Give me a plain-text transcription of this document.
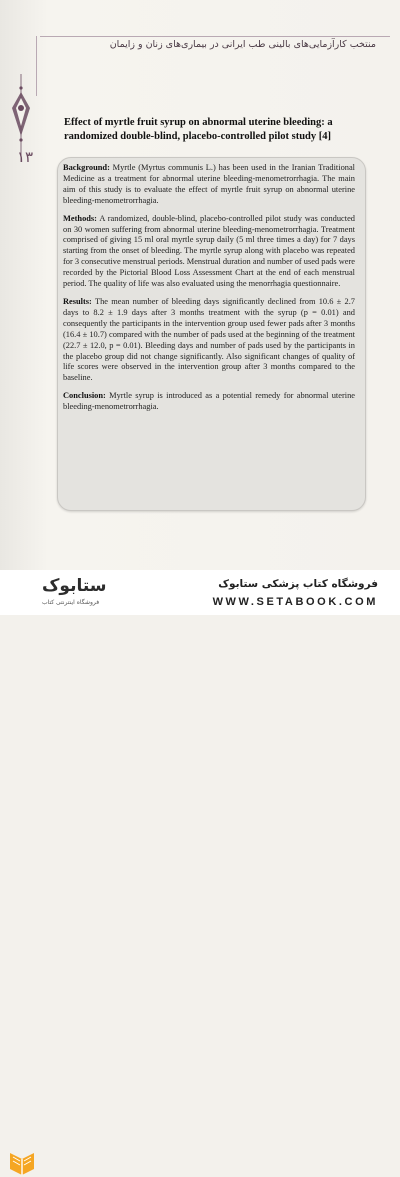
منتخب کارآزمایی‌های بالینی طب ایرانی در بیماری‌های زنان و زایمان
۱۳
Effect of myrtle fruit syrup on abnormal uterine bleeding: a randomized double-blind, placebo-controlled pilot study [4]

Background: Myrtle (Myrtus communis L.) has been used in the Iranian Traditional Medicine as a treatment for abnormal uterine bleeding-menometrorrhagia. The main aim of this study is to evaluate the effect of myrtle fruit syrup on abnormal uterine bleeding-menometrorrhagia.

Methods: A randomized, double-blind, placebo-controlled pilot study was conducted on 30 women suffering from abnormal uterine bleeding-menometrorrhagia. Treatment comprised of giving 15 ml oral myrtle syrup daily (5 ml three times a day) for 7 days starting from the onset of bleeding. The myrtle syrup along with placebo was repeated for 3 consecutive menstrual periods. Menstrual duration and number of used pads were recorded by the Pictorial Blood Loss Assessment Chart at the end of each menstrual period. The quality of life was also evaluated using the menorrhagia questionnaire.

Results: The mean number of bleeding days significantly declined from 10.6 ± 2.7 days to 8.2 ± 1.9 days after 3 months treatment with the syrup (p = 0.01) and consequently the participants in the intervention group used fewer pads after 3 months (16.4 ± 10.7) compared with the number of pads used at the beginning of the treatment (22.7 ± 12.0, p = 0.01). Bleeding days and number of pads used by the participants in the placebo group did not change significantly. Also significant changes of quality of life scores were observed in the intervention group after 3 months compared to the baseline.

Conclusion: Myrtle syrup is introduced as a potential remedy for abnormal uterine bleeding-menometrorrhagia.

ستابوک
فروشگاه اینترنتی کتاب
فروشگاه کتاب پزشکی ستابوک
WWW.SETABOOK.COM
